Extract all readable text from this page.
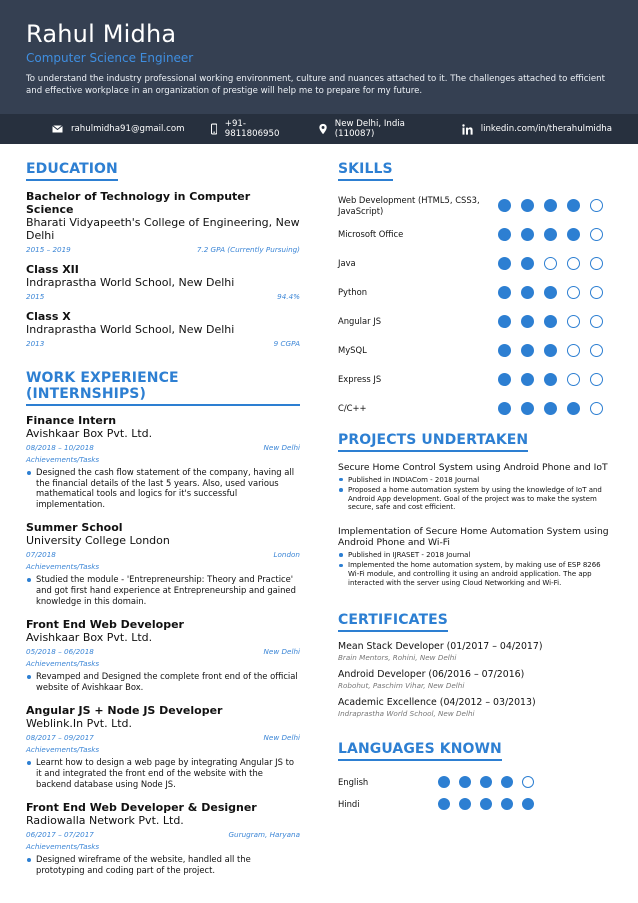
Rahul Midha
Computer Science Engineer
To understand the industry professional working environment, culture and nuances attached to it. The challenges attached to efficient and effective workplace in an organization of prestige will help me to prepare for my future.
rahulmidha91@gmail.com	+91-9811806950
New Delhi, India (110087)	linkedin.com/in/therahulmidha
EDUCATION
Bachelor of Technology in Computer Science
Bharati Vidyapeeth's College of Engineering, New Delhi
2015 – 2019	7.2 GPA (Currently Pursuing)
Class XII
Indraprastha World School, New Delhi
2015	94.4%
Class X
Indraprastha World School, New Delhi
2013	9 CGPA
WORK EXPERIENCE (INTERNSHIPS)
Finance Intern
Avishkaar Box Pvt. Ltd.
08/2018 – 10/2018	New Delhi
Achievements/Tasks
Designed the cash flow statement of the company, having all the financial details of the last 5 years. Also, used various mathematical tools and logics for it's successful implementation.
Summer School
University College London
07/2018	London
Achievements/Tasks
Studied the module - 'Entrepreneurship: Theory and Practice' and got first hand experience at Entrepreneurship and gained knowledge in this domain.
Front End Web Developer
Avishkaar Box Pvt. Ltd.
05/2018 – 06/2018	New Delhi
Achievements/Tasks
Revamped and Designed the complete front end of the official website of Avishkaar Box.
Angular JS + Node JS Developer
Weblink.In Pvt. Ltd.
08/2017 – 09/2017	New Delhi
Achievements/Tasks
Learnt how to design a web page by integrating Angular JS to it and integrated the front end of the website with the backend database using Node JS.
Front End Web Developer & Designer
Radiowalla Network Pvt. Ltd.
06/2017 – 07/2017	Gurugram, Haryana
Achievements/Tasks
Designed wireframe of the website, handled all the prototyping and coding part of the project.
SKILLS
Web Development (HTML5, CSS3, JavaScript)
Microsoft Office
Java
Python
Angular JS
MySQL
Express JS
C/C++
PROJECTS UNDERTAKEN
Secure Home Control System using Android Phone and IoT
Published in INDIACom - 2018 Journal
Proposed a home automation system by using the knowledge of IoT and Android App development. Goal of the project was to make the system secure, safe and cost efficient.
Implementation of Secure Home Automation System using Android Phone and Wi-Fi
Published in IJRASET - 2018 Journal
Implemented the home automation system, by making use of ESP 8266 Wi-Fi module, and controlling it using an android application. The app interacted with the server using Cloud Networking and Wi-Fi.
CERTIFICATES
Mean Stack Developer (01/2017 – 04/2017)
Brain Mentors, Rohini, New Delhi
Android Developer (06/2016 – 07/2016)
Robohut, Paschim Vihar, New Delhi
Academic Excellence (04/2012 – 03/2013)
Indraprastha World School, New Delhi
LANGUAGES KNOWN
English
Hindi
